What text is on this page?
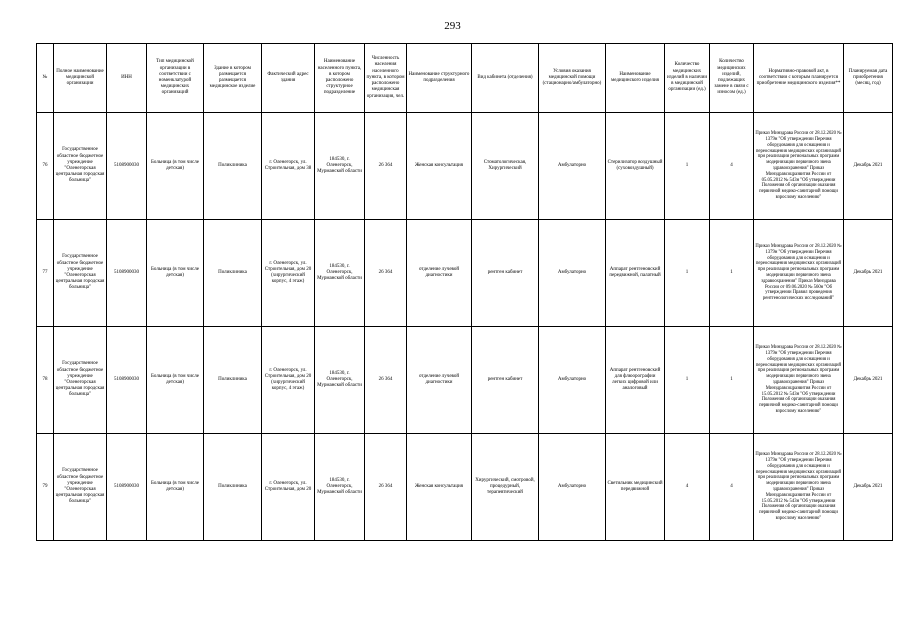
293
№	Полное наименование медицинской организации	ИНН	Тип медицинской организации в соответствии с номенклатурой медицинских организаций	Здание в котором размещается размещается медицинское изделие	Фактический адрес здания	Наименование населенного пункта, в котором расположено структурное подразделение	Численность населения населенного пункта, в котором расположено медицинская организация, чел.	Наименование структурного подразделения	Вид кабинета (отделения)	Условия оказания медицинской помощи (стационарно/амбулаторно)	Наименование медицинского изделия	Количество медицинских изделий в наличии в медицинской организации (ед.)	Количество медицинских изделий, подлежащих замене в связи с износом (ед.)	Нормативно-правовой акт, в соответствии с которым планируется приобретение медицинского изделия**	Планируемая дата приобретения (месяц, год)
76	Государственное областное бюджетное учреждение "Оленегорская центральная городская больница"	5108900030	Больница (в том числе детская)	Поликлиника	г. Оленегорск, ул. Строительная, дом 38	184530, г. Оленегорск, Мурманской области	26 364	Женская консультация	Стоматологическая, Хирургический	Амбулаторно	Стерилизатор воздушный (суховоздушный)	1	4	Приказ Минздрава России от 28.12.2020 № 1379н "Об утверждении Перечня оборудования для оснащения и переоснащения медицинских организаций при реализации региональных программ модернизации первичного звена здравоохранения" Приказ Минздравсоцразвития России от 05.05.2012 № 543н "Об утверждении Положения об организации оказания первичной медико-санитарной помощи взрослому населению"	Декабрь 2021
77	Государственное областное бюджетное учреждение "Оленегорская центральная городская больница"	5108900030	Больница (в том числе детская)	Поликлиника	г. Оленегорск, ул. Строительная, дом 20 (хирургический корпус, 4 этаж)	184530, г. Оленегорск, Мурманской области	26 364	отделение лучевой диагностики	рентген кабинет	Амбулаторно	Аппарат рентгеновский передвижной, палатный	1	1	Приказ Минздрава России от 28.12.2020 № 1379н "Об утверждении Перечня оборудования для оснащения и переоснащения медицинских организаций при реализации региональных программ модернизации первичного звена здравоохранения" Приказ Минздрава России от 09.06.2020 № 560н "Об утверждении Правил проведения рентгенологических исследований"	Декабрь 2021
78	Государственное областное бюджетное учреждение "Оленегорская центральная городская больница"	5108900030	Больница (в том числе детская)	Поликлиника	г. Оленегорск, ул. Строительная, дом 20 (хирургический корпус, 4 этаж)	184530, г. Оленегорск, Мурманской области	26 364	отделение лучевой диагностики	рентген кабинет	Амбулаторно	Аппарат рентгеновский для флюорографии легких цифровой или аналоговый	1	1	Приказ Минздрава России от 28.12.2020 № 1379н "Об утверждении Перечня оборудования для оснащения и переоснащения медицинских организаций при реализации региональных программ модернизации первичного звена здравоохранения" Приказ Минздравсоцразвития России от 15.05.2012 № 543н "Об утверждении Положения об организации оказания первичной медико-санитарной помощи взрослому населению"	Декабрь 2021
79	Государственное областное бюджетное учреждение "Оленегорская центральная городская больница"	5108900030	Больница (в том числе детская)	Поликлиника	г. Оленегорск, ул. Строительная, дом 20	184530, г. Оленегорск, Мурманской области	26 364	Женская консультация	Хирургический, смотровой, процедурный, терапевтический	Амбулаторно	Светильник медицинский передвижной	4	4	Приказ Минздрава России от 28.12.2020 № 1379н "Об утверждении Перечня оборудования для оснащения и переоснащения медицинских организаций при реализации региональных программ модернизации первичного звена здравоохранения" Приказ Минздравсоцразвития России от 15.05.2012 № 543н "Об утверждении Положения об организации оказания первичной медико-санитарной помощи взрослому населению"	Декабрь 2021
